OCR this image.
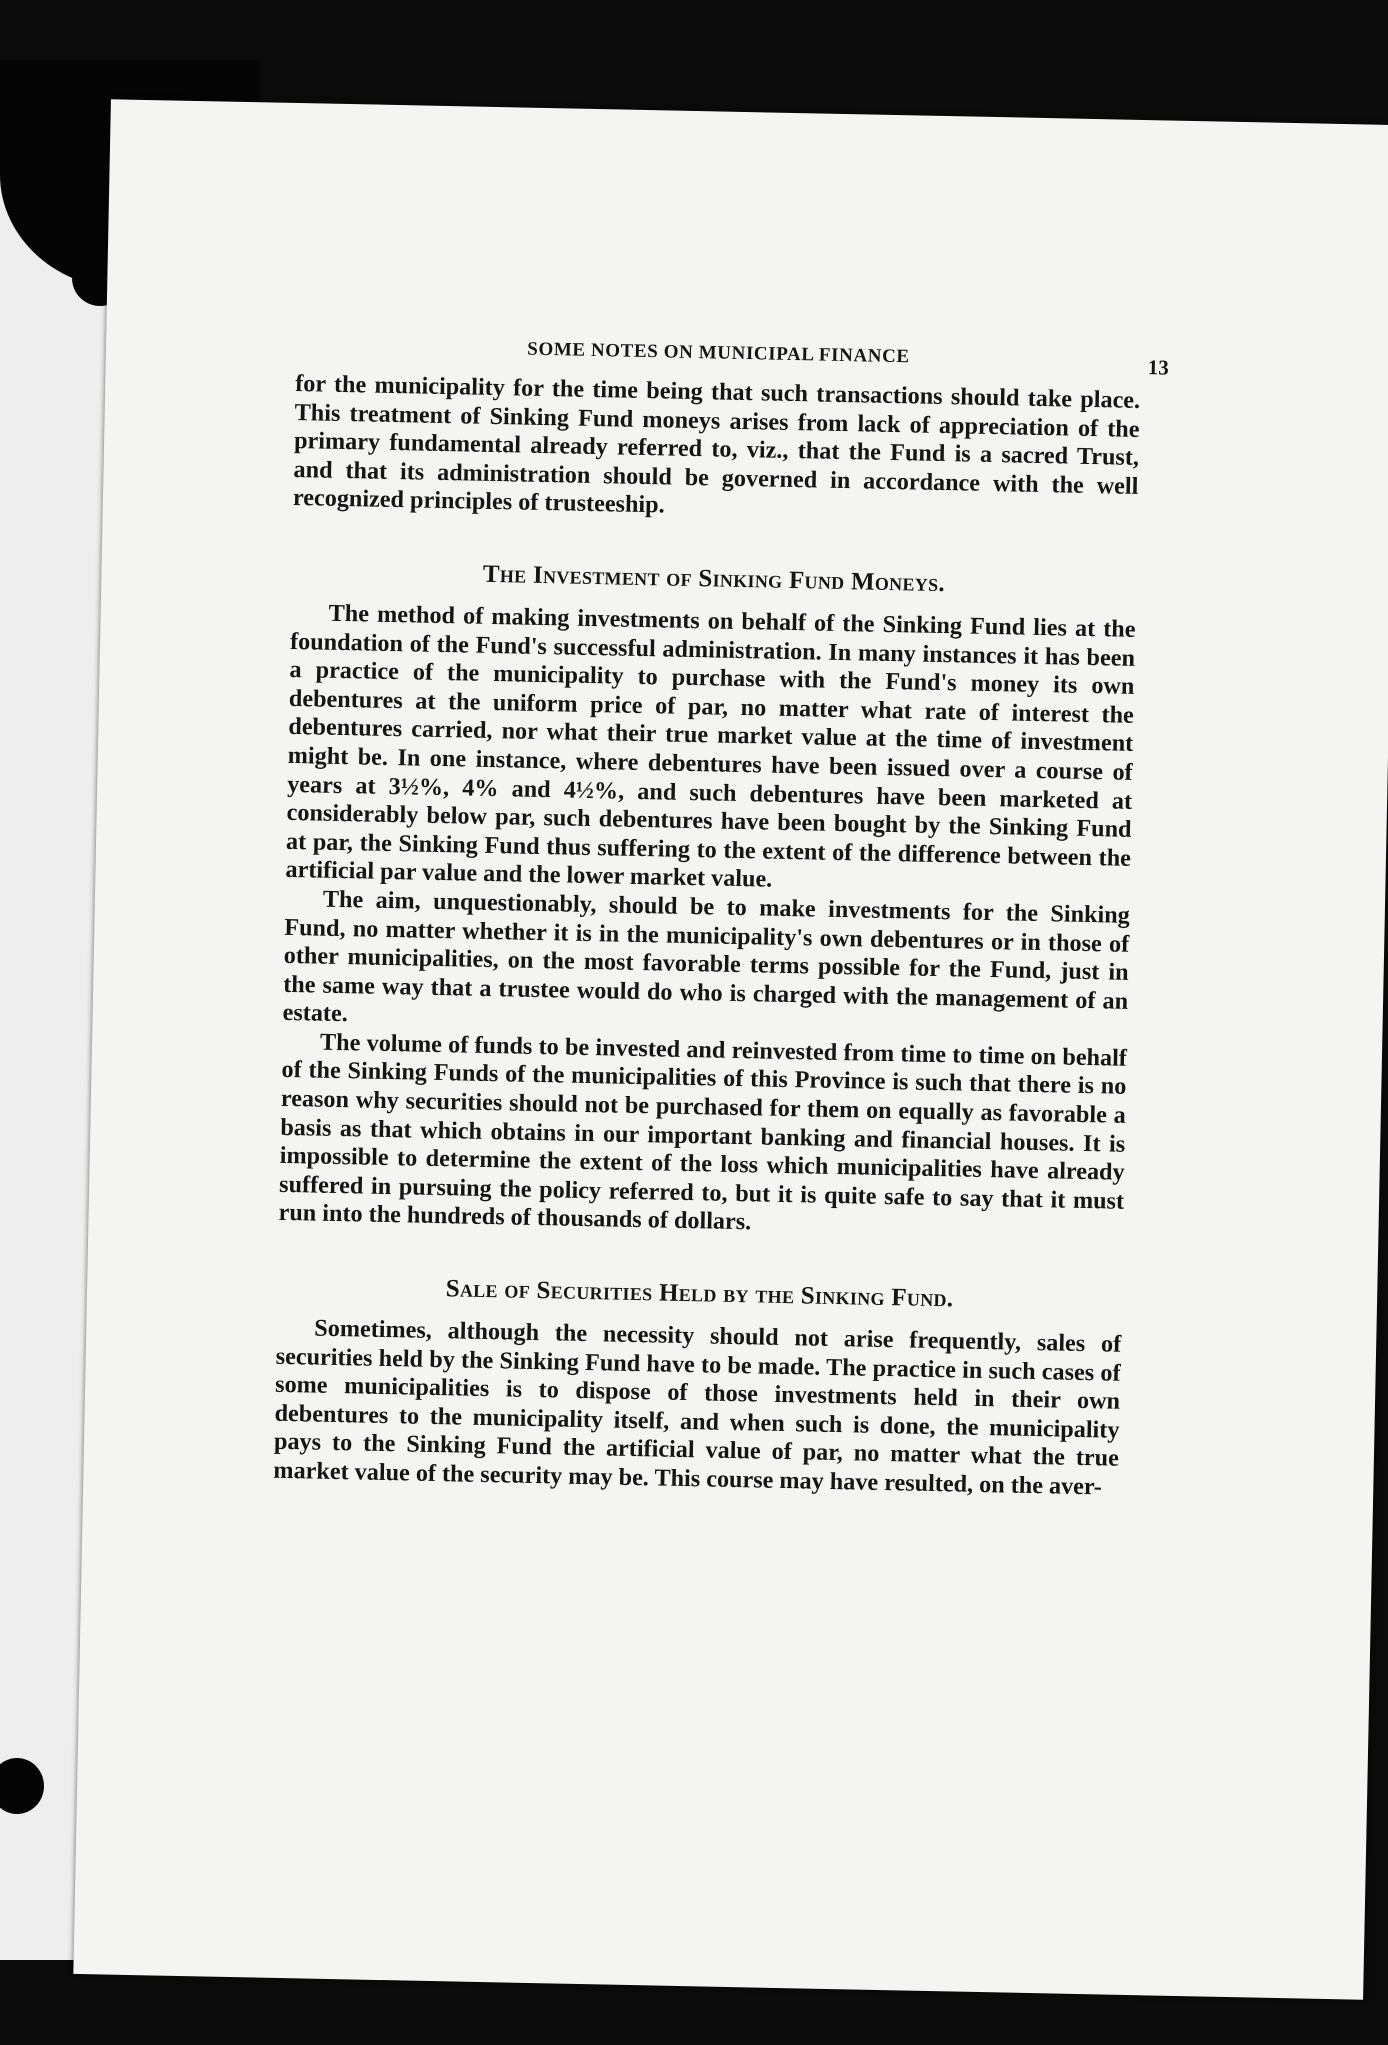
SOME NOTES ON MUNICIPAL FINANCE	13

for the municipality for the time being that such transactions should take place. This treatment of Sinking Fund moneys arises from lack of appreciation of the primary fundamental already referred to, viz., that the Fund is a sacred Trust, and that its administration should be governed in accordance with the well recognized principles of trusteeship.

The Investment of Sinking Fund Moneys.

The method of making investments on behalf of the Sinking Fund lies at the foundation of the Fund's successful administration. In many instances it has been a practice of the municipality to purchase with the Fund's money its own debentures at the uniform price of par, no matter what rate of interest the debentures carried, nor what their true market value at the time of investment might be. In one instance, where debentures have been issued over a course of years at 3½%, 4% and 4½%, and such debentures have been marketed at considerably below par, such debentures have been bought by the Sinking Fund at par, the Sinking Fund thus suffering to the extent of the difference between the artificial par value and the lower market value.

The aim, unquestionably, should be to make investments for the Sinking Fund, no matter whether it is in the municipality's own debentures or in those of other municipalities, on the most favorable terms possible for the Fund, just in the same way that a trustee would do who is charged with the management of an estate.

The volume of funds to be invested and reinvested from time to time on behalf of the Sinking Funds of the municipalities of this Province is such that there is no reason why securities should not be purchased for them on equally as favorable a basis as that which obtains in our important banking and financial houses. It is impossible to determine the extent of the loss which municipalities have already suffered in pursuing the policy referred to, but it is quite safe to say that it must run into the hundreds of thousands of dollars.

Sale of Securities Held by the Sinking Fund.

Sometimes, although the necessity should not arise frequently, sales of securities held by the Sinking Fund have to be made. The practice in such cases of some municipalities is to dispose of those investments held in their own debentures to the municipality itself, and when such is done, the municipality pays to the Sinking Fund the artificial value of par, no matter what the true market value of the security may be. This course may have resulted, on the aver-
